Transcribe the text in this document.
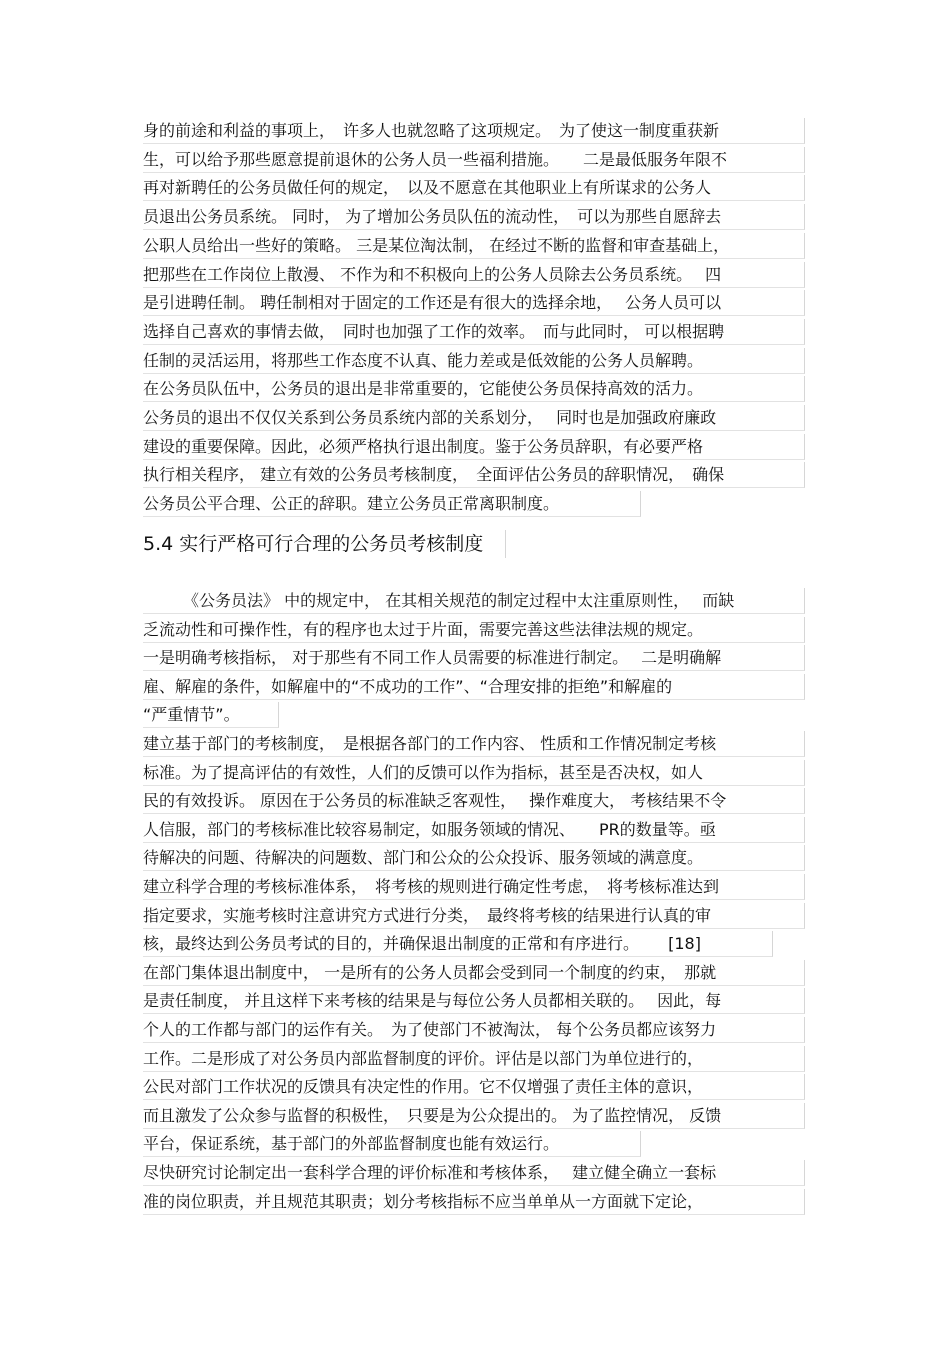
身的前途和利益的事项上，　许多人也就忽略了这项规定。　为了使这一制度重获新
生，可以给予那些愿意提前退休的公务人员一些福利措施。　　二是最低服务年限不
再对新聘任的公务员做任何的规定，　以及不愿意在其他职业上有所谋求的公务人
员退出公务员系统。 同时， 为了增加公务员队伍的流动性，　可以为那些自愿辞去
公职人员给出一些好的策略。 三是某位淘汰制， 在经过不断的监督和审查基础上，
把那些在工作岗位上散漫、 不作为和不积极向上的公务人员除去公务员系统。　 四
是引进聘任制。 聘任制相对于固定的工作还是有很大的选择余地，　 公务人员可以
选择自己喜欢的事情去做，　同时也加强了工作的效率。　而与此同时， 可以根据聘
任制的灵活运用，将那些工作态度不认真、能力差或是低效能的公务人员解聘。
在公务员队伍中，公务员的退出是非常重要的，它能使公务员保持高效的活力。
公务员的退出不仅仅关系到公务员系统内部的关系划分，　 同时也是加强政府廉政
建设的重要保障。因此，必须严格执行退出制度。鉴于公务员辞职，有必要严格
执行相关程序， 建立有效的公务员考核制度，　全面评估公务员的辞职情况，　确保
公务员公平合理、公正的辞职。建立公务员正常离职制度。
5.4 实行严格可行合理的公务员考核制度
《公务员法》 中的规定中， 在其相关规范的制定过程中太注重原则性，　 而缺
乏流动性和可操作性，有的程序也太过于片面，需要完善这些法律法规的规定。
一是明确考核指标， 对于那些有不同工作人员需要的标准进行制定。　 二是明确解
雇、解雇的条件，如解雇中的“不成功的工作”、“合理安排的拒绝”和解雇的
“严重情节”。
建立基于部门的考核制度，　是根据各部门的工作内容、 性质和工作情况制定考核
标准。为了提高评估的有效性，人们的反馈可以作为指标，甚至是否决权，如人
民的有效投诉。 原因在于公务员的标准缺乏客观性，　 操作难度大， 考核结果不令
人信服，部门的考核标准比较容易制定，如服务领域的情况、　　PR的数量等。亟
待解决的问题、待解决的问题数、部门和公众的公众投诉、服务领域的满意度。
建立科学合理的考核标准体系，　将考核的规则进行确定性考虑，　将考核标准达到
指定要求，实施考核时注意讲究方式进行分类，　最终将考核的结果进行认真的审
核，最终达到公务员考试的目的，并确保退出制度的正常和有序进行。　　 [18]
在部门集体退出制度中， 一是所有的公务人员都会受到同一个制度的约束，　那就
是责任制度， 并且这样下来考核的结果是与每位公务人员都相关联的。　 因此，每
个人的工作都与部门的运作有关。　为了使部门不被淘汰， 每个公务员都应该努力
工作。二是形成了对公务员内部监督制度的评价。评估是以部门为单位进行的，
公民对部门工作状况的反馈具有决定性的作用。它不仅增强了责任主体的意识，
而且激发了公众参与监督的积极性，　只要是为公众提出的。 为了监控情况， 反馈
平台，保证系统，基于部门的外部监督制度也能有效运行。
尽快研究讨论制定出一套科学合理的评价标准和考核体系，　 建立健全确立一套标
准的岗位职责，并且规范其职责；划分考核指标不应当单单从一方面就下定论，
